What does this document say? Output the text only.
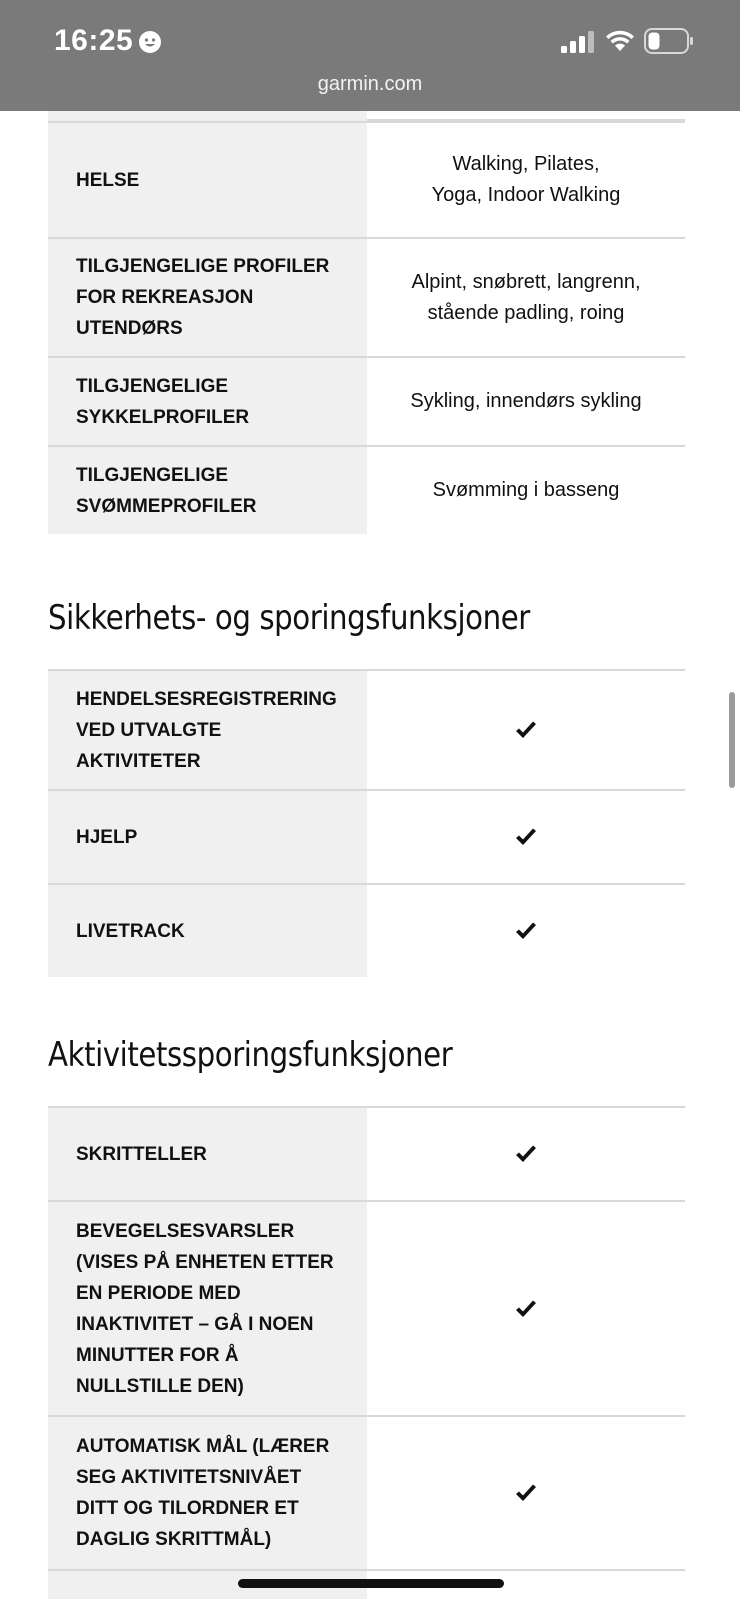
16:25
garmin.com
HELSE
Walking, Pilates, Yoga, Indoor Walking
TILGJENGELIGE PROFILER FOR REKREASJON UTENDØRS
Alpint, snøbrett, langrenn, stående padling, roing
TILGJENGELIGE SYKKELPROFILER
Sykling, innendørs sykling
TILGJENGELIGE SVØMMEPROFILER
Svømming i basseng
Sikkerhets- og sporingsfunksjoner
HENDELSESREGISTRERING VED UTVALGTE AKTIVITETER
HJELP
LIVETRACK
Aktivitetssporingsfunksjoner
SKRITTELLER
BEVEGELSESVARSLER (VISES PÅ ENHETEN ETTER EN PERIODE MED INAKTIVITET – GÅ I NOEN MINUTTER FOR Å NULLSTILLE DEN)
AUTOMATISK MÅL (LÆRER SEG AKTIVITETSNIVÅET DITT OG TILORDNER ET DAGLIG SKRITTMÅL)
